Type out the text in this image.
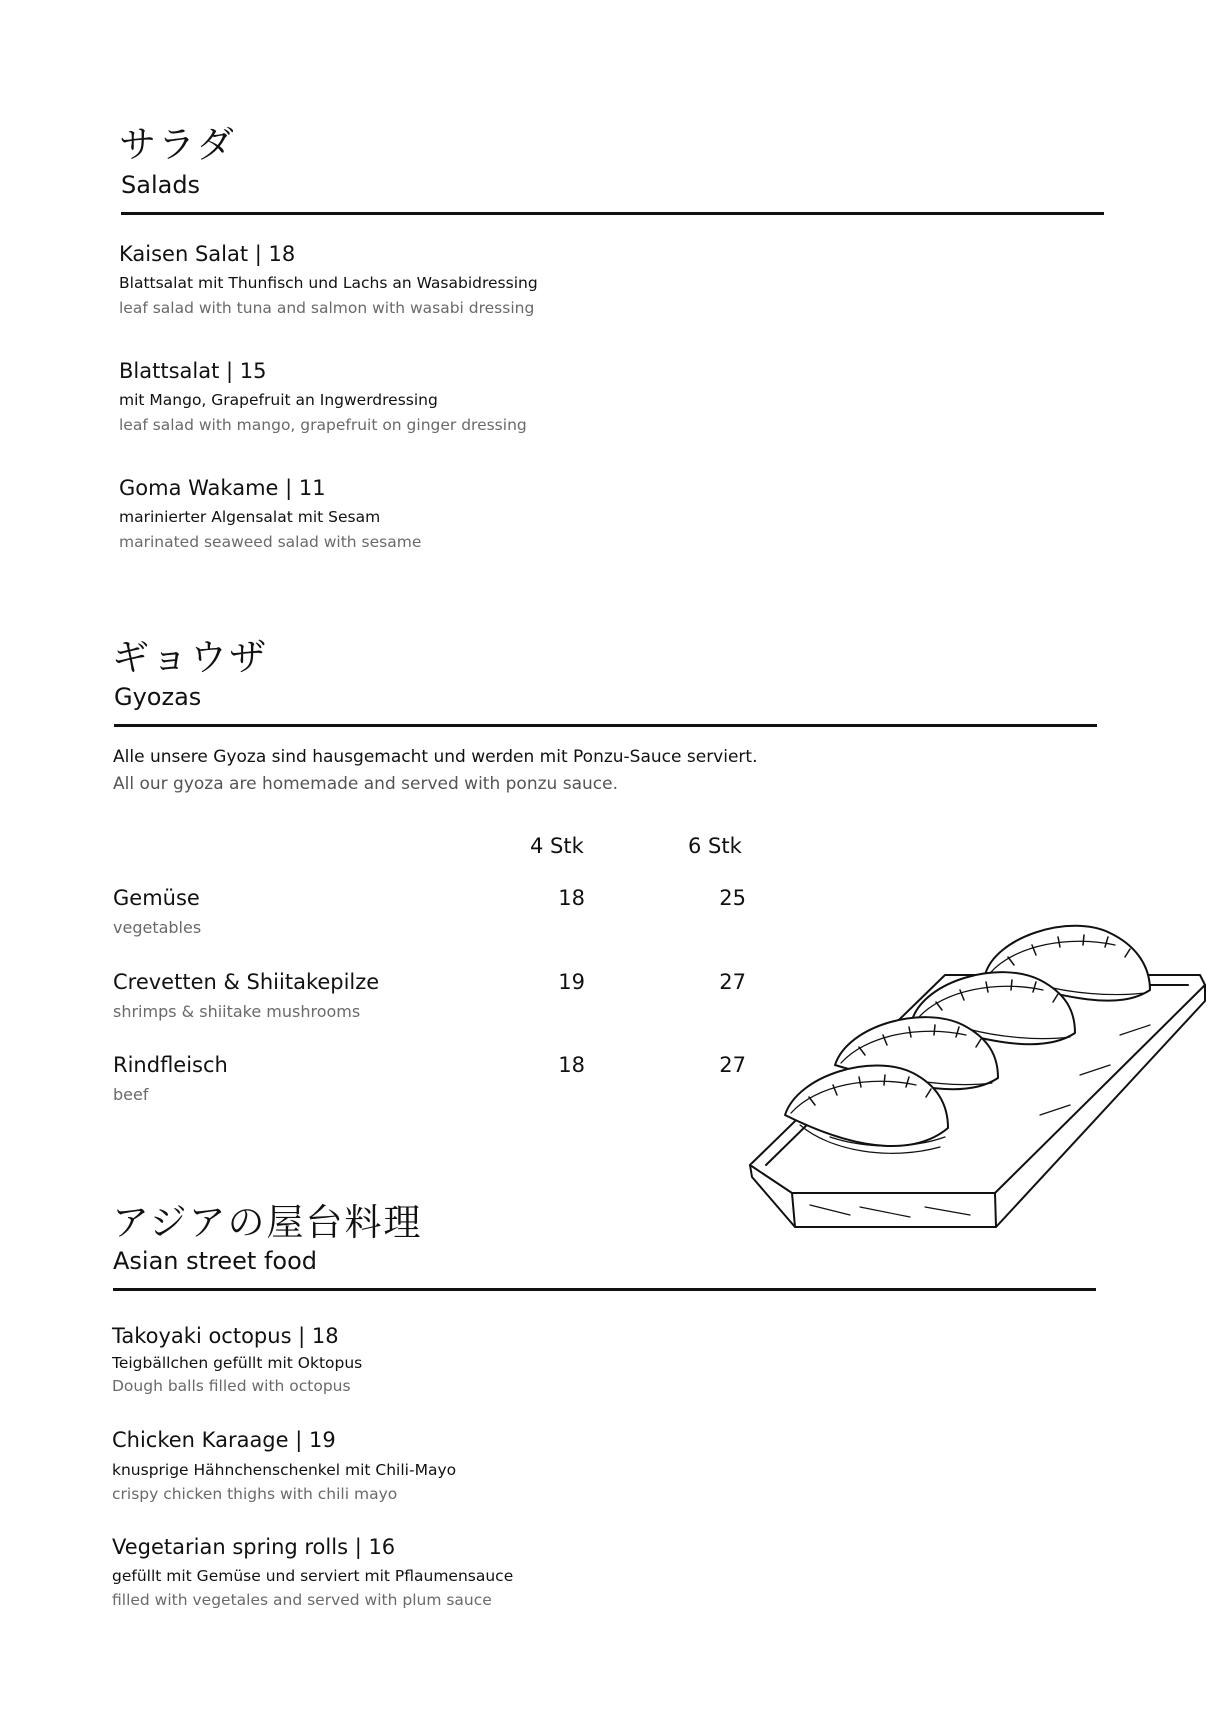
サラダ
Salads
Kaisen Salat | 18
Blattsalat mit Thunfisch und Lachs an Wasabidressing
leaf salad with tuna and salmon with wasabi dressing
Blattsalat | 15
mit Mango, Grapefruit an Ingwerdressing
leaf salad with mango, grapefruit on ginger dressing
Goma Wakame | 11
marinierter Algensalat mit Sesam
marinated seaweed salad with sesame
ギョウザ
Gyozas
Alle unsere Gyoza sind hausgemacht und werden mit Ponzu-Sauce serviert.
All our gyoza are homemade and served with ponzu sauce.
4 Stk	6 Stk
Gemüse
vegetables
18	25
Crevetten & Shiitakepilze
shrimps & shiitake mushrooms
19	27
Rindfleisch
beef
18	27
アジアの屋台料理
Asian street food
Takoyaki octopus | 18
Teigbällchen gefüllt mit Oktopus
Dough balls filled with octopus
Chicken Karaage | 19
knusprige Hähnchenschenkel mit Chili-Mayo
crispy chicken thighs with chili mayo
Vegetarian spring rolls | 16
gefüllt mit Gemüse und serviert mit Pflaumensauce
filled with vegetales and served with plum sauce
